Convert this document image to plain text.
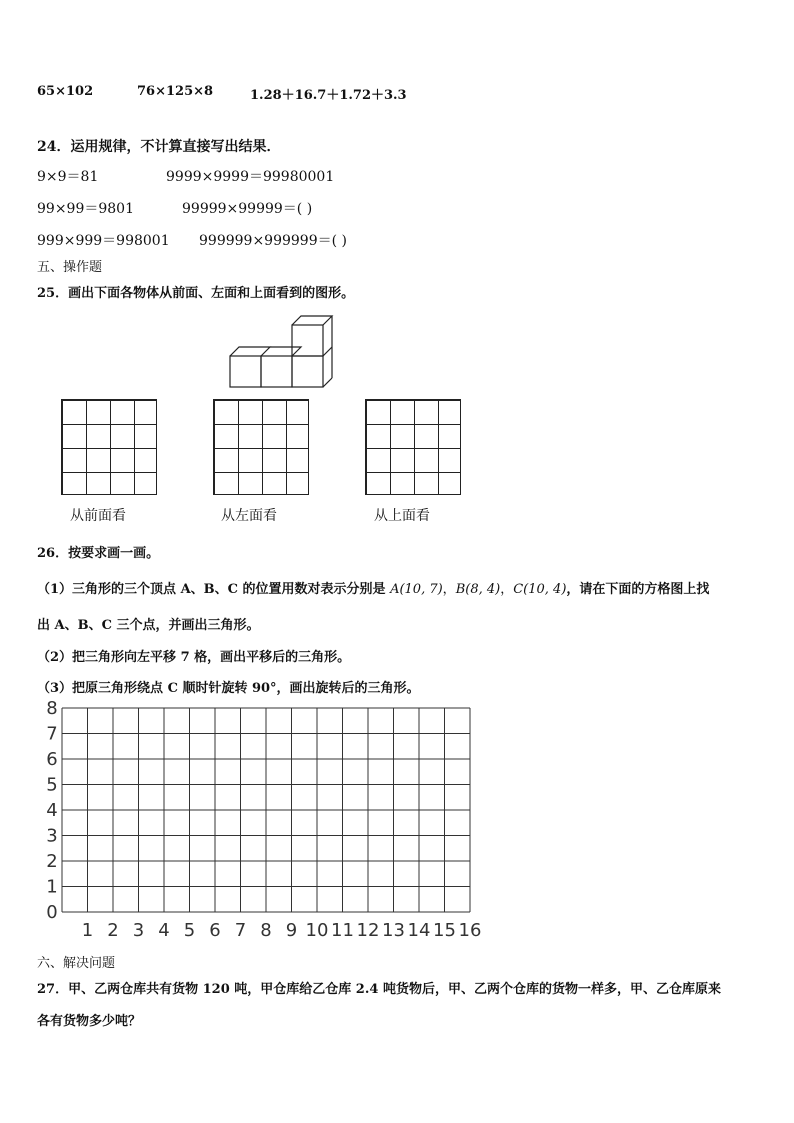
65×102	76×125×8	1.28＋16.7＋1.72＋3.3
24．运用规律，不计算直接写出结果．
9×9＝81	9999×9999＝99980001
99×99＝9801	99999×99999＝( )
999×999＝998001 999999×999999＝( )
五、操作题
25．画出下面各物体从前面、左面和上面看到的图形。
从前面看	从左面看	从上面看
26．按要求画一画。
（1）三角形的三个顶点 A、B、C 的位置用数对表示分别是 A(10, 7)，B(8, 4)，C(10, 4)，请在下面的方格图上找
出 A、B、C 三个点，并画出三角形。
（2）把三角形向左平移 7 格，画出平移后的三角形。
（3）把原三角形绕点 C 顺时针旋转 90°，画出旋转后的三角形。
1 2 3 4 5 6 7 8 9 10 11 12 13 14 15 16
0
1
2
3
4
5
6
7
8
六、解决问题
27．甲、乙两仓库共有货物 120 吨，甲仓库给乙仓库 2.4 吨货物后，甲、乙两个仓库的货物一样多，甲、乙仓库原来
各有货物多少吨？
